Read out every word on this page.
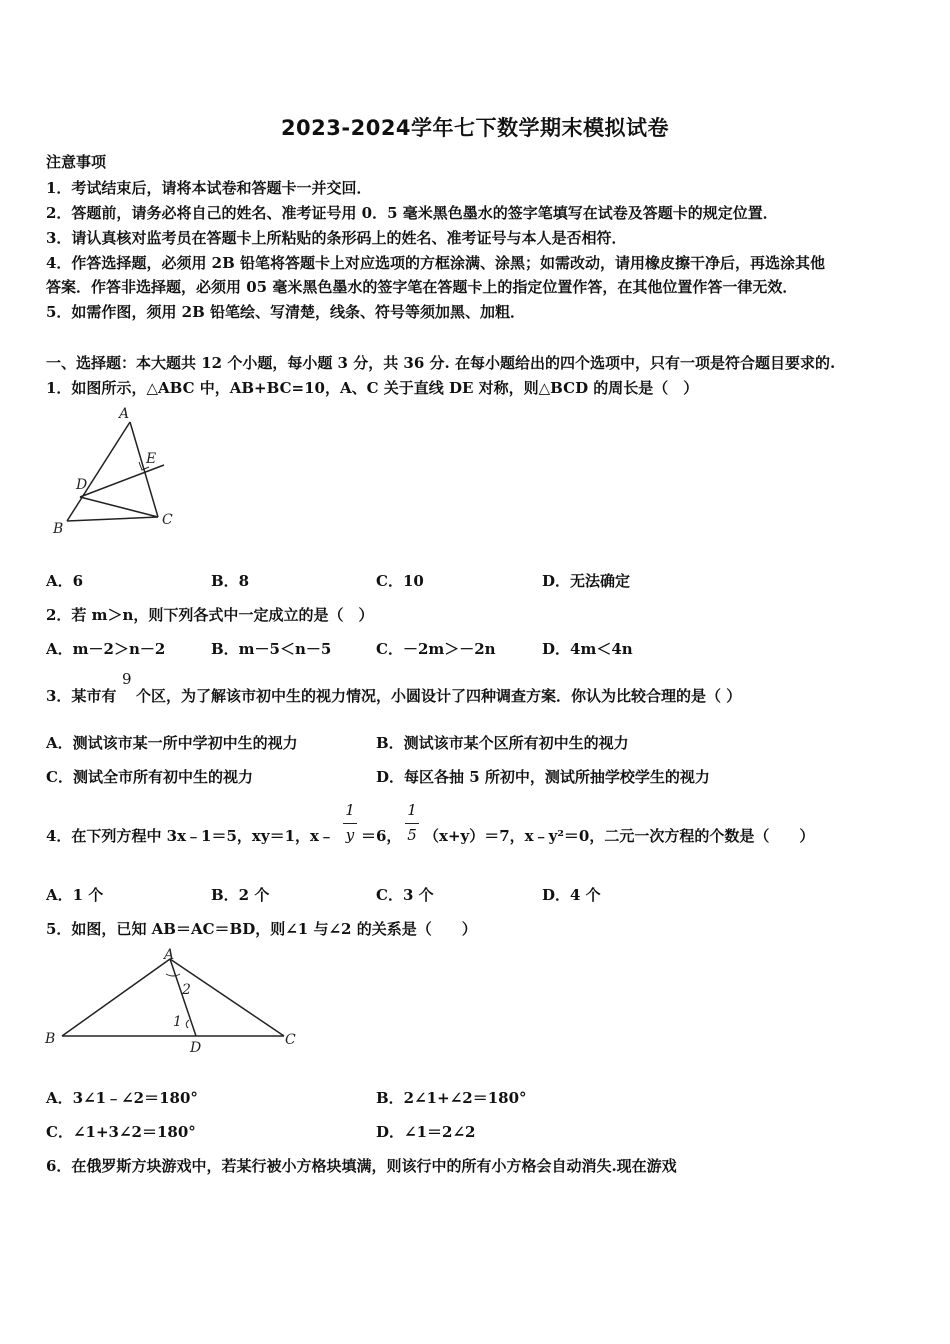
2023-2024学年七下数学期末模拟试卷
注意事项
1．考试结束后，请将本试卷和答题卡一并交回．
2．答题前，请务必将自己的姓名、准考证号用 0．5 毫米黑色墨水的签字笔填写在试卷及答题卡的规定位置．
3．请认真核对监考员在答题卡上所粘贴的条形码上的姓名、准考证号与本人是否相符．
4．作答选择题，必须用 2B 铅笔将答题卡上对应选项的方框涂满、涂黑；如需改动，请用橡皮擦干净后，再选涂其他
答案．作答非选择题，必须用 05 毫米黑色墨水的签字笔在答题卡上的指定位置作答，在其他位置作答一律无效．
5．如需作图，须用 2B 铅笔绘、写清楚，线条、符号等须加黑、加粗．
一、选择题：本大题共 12 个小题，每小题 3 分，共 36 分. 在每小题给出的四个选项中，只有一项是符合题目要求的.
1．如图所示，△ABC 中，AB+BC=10，A、C 关于直线 DE 对称，则△BCD 的周长是（　）
A
E
D
B
C
A．6	B．8	C．10	D．无法确定
2．若 m＞n，则下列各式中一定成立的是（　）
A．m－2＞n－2	B．m－5＜n－5	C．－2m＞－2n	D．4m＜4n
3．某市有
9
个区，为了解该市初中生的视力情况，小圆设计了四种调查方案．你认为比较合理的是（ ）
A．测试该市某一所中学初中生的视力	B．测试该市某个区所有初中生的视力
C．测试全市所有初中生的视力	D．每区各抽 5 所初中，测试所抽学校学生的视力
4．在下列方程中 3x﹣1＝5，xy＝1，x﹣
1
y ＝6，
1
5 （x+y）＝7，x﹣y²＝0，二元一次方程的个数是（　　）
A．1 个	B．2 个	C．3 个	D．4 个
5．如图，已知 AB＝AC＝BD，则∠1 与∠2 的关系是（　　）
A
2
1
B
D	C
A．3∠1﹣∠2＝180°	B．2∠1+∠2＝180°
C．∠1+3∠2＝180°	D．∠1＝2∠2
6．在俄罗斯方块游戏中，若某行被小方格块填满，则该行中的所有小方格会自动消失.现在游戏
